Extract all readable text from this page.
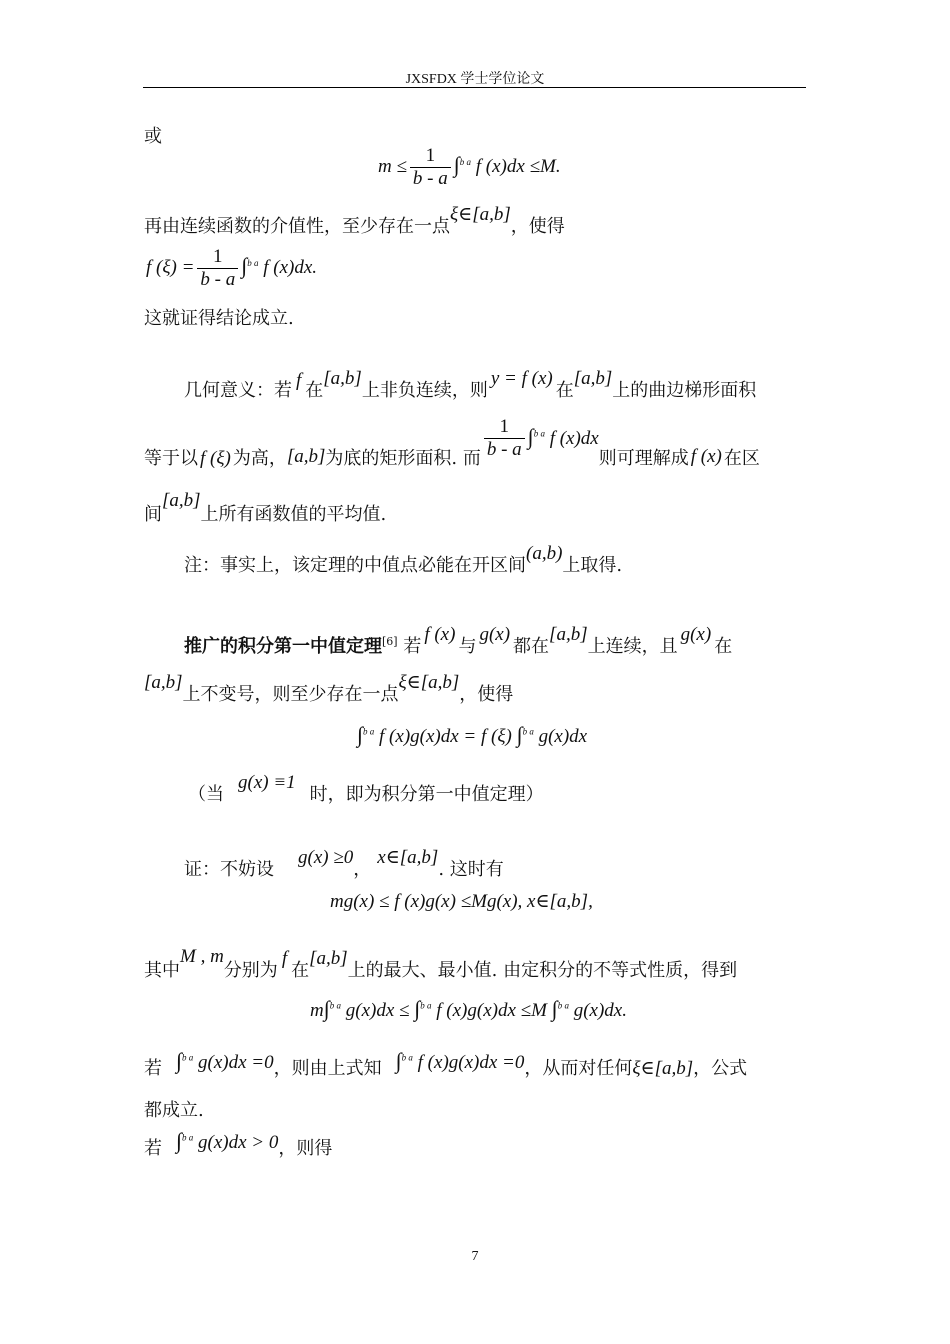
JXSFDX 学士学位论文
或
$m \le \frac{1}{b - a} \int^{b a}$ f (x)dx ≤M.
再由连续函数的介值性，至少存在一点ξ∈[a,b]，使得
f $(\xi) = \frac{1}{b - a} \int^{b a}$ f (x)dx.
这就证得结论成立.
几何意义：若 f 在[a,b]上非负连续，则y = f (x)在[a,b]上的曲边梯形面积
等于以 f (ξ) 为高，[a,b]为底的矩形面积. 而 $\frac{1}{b - a} \int^{b a}$ f (x)dx则可理解成 f (x) 在区
间[a,b]上所有函数值的平均值.
注：事实上，该定理的中值点必能在开区间(a,b)上取得.
推广的积分第一中值定理[6] 若f (x)与g(x)都在[a,b]上连续，且g(x)在
[a,b]上不变号，则至少存在一点ξ∈[a,b]，使得
∫$^{b a}$ f (x)g(x)dx = f (ξ) ∫$^{b a}$ g(x)dx
（当g(x) ≡1时，即为积分第一中值定理）
证：不妨设g(x) ≥0，x∈[a,b]. 这时有
mg(x) ≤ f (x)g(x) ≤Mg(x), x∈[a,b],
其中M , m分别为f在[a,b]上的最大、最小值. 由定积分的不等式性质，得到
m∫$^{b a}$ g(x)dx ≤ ∫$^{b a}$ f (x)g(x)dx ≤M ∫$^{b a}$ g(x)dx.
若 ∫$^{b a}$ g(x)dx =0，则由上式知 ∫$^{b a}$ f (x)g(x)dx =0，从而对任何ξ∈[a,b]，公式
都成立.
若 ∫$^{b a}$ g(x)dx > 0，则得
7
